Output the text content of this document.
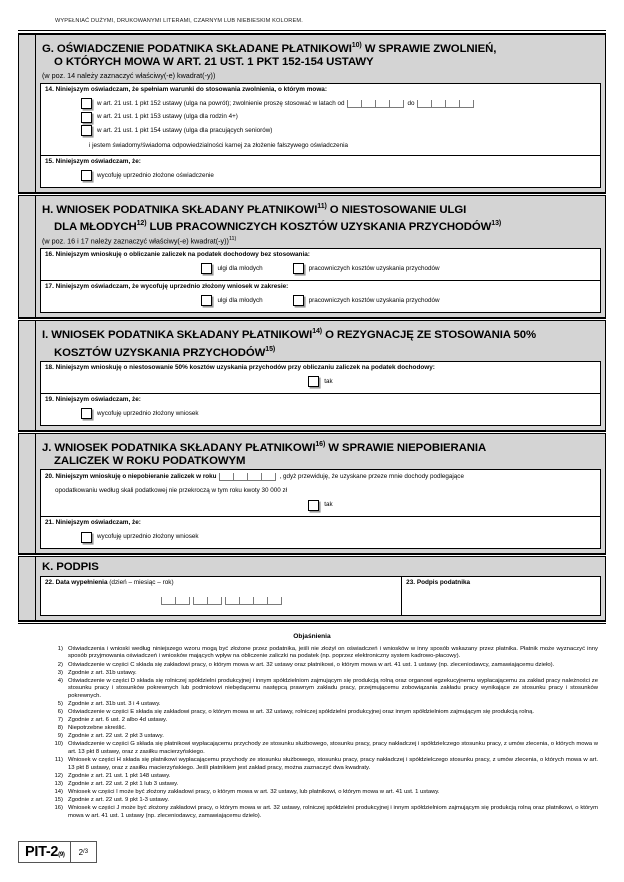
WYPEŁNIAĆ DUŻYMI, DRUKOWANYMI LITERAMI, CZARNYM LUB NIEBIESKIM KOLOREM.
G. OŚWIADCZENIE PODATNIKA SKŁADANE PŁATNIKOWI$^{10)}$ W SPRAWIE ZWOLNIEŃ,
O KTÓRYCH MOWA W ART. 21 UST. 1 PKT 152-154 USTAWY
(w poz. 14 należy zaznaczyć właściwy(-e) kwadrat(-y))
14. Niniejszym oświadczam, że spełniam warunki do stosowania zwolnienia, o którym mowa:
w art. 21 ust. 1 pkt 152 ustawy (ulga na powrót); zwolnienie proszę stosować w latach od	do
w art. 21 ust. 1 pkt 153 ustawy (ulga dla rodzin 4+)
w art. 21 ust. 1 pkt 154 ustawy (ulga dla pracujących seniorów)
i jestem świadomy/świadoma odpowiedzialności karnej za złożenie fałszywego oświadczenia
15. Niniejszym oświadczam, że:
wycofuję uprzednio złożone oświadczenie
H. WNIOSEK PODATNIKA SKŁADANY PŁATNIKOWI$^{11)}$ O NIESTOSOWANIE ULGI
DLA MŁODYCH$^{12)}$ LUB PRACOWNICZYCH KOSZTÓW UZYSKANIA PRZYCHODÓW$^{13)}$
(w poz. 16 i 17 należy zaznaczyć właściwy(-e) kwadrat(-y))$^{11)}$
16. Niniejszym wnioskuję o obliczanie zaliczek na podatek dochodowy bez stosowania:
ulgi dla młodych	pracowniczych kosztów uzyskania przychodów
17. Niniejszym oświadczam, że wycofuję uprzednio złożony wniosek w zakresie:
ulgi dla młodych	pracowniczych kosztów uzyskania przychodów
I. WNIOSEK PODATNIKA SKŁADANY PŁATNIKOWI$^{14)}$ O REZYGNACJĘ ZE STOSOWANIA 50%
KOSZTÓW UZYSKANIA PRZYCHODÓW$^{15)}$
18. Niniejszym wnioskuję o niestosowanie 50% kosztów uzyskania przychodów przy obliczaniu zaliczek na podatek dochodowy:
tak
19. Niniejszym oświadczam, że:
wycofuję uprzednio złożony wniosek
J. WNIOSEK PODATNIKA SKŁADANY PŁATNIKOWI$^{16)}$ W SPRAWIE NIEPOBIERANIA
ZALICZEK W ROKU PODATKOWYM
20. Niniejszym wnioskuję o niepobieranie zaliczek w roku	, gdyż przewiduję, że uzyskane przeze mnie dochody podlegające
opodatkowaniu według skali podatkowej nie przekroczą w tym roku kwoty 30 000 zł
tak
21. Niniejszym oświadczam, że:
wycofuję uprzednio złożony wniosek
K. PODPIS
22. Data wypełnienia (dzień – miesiąc – rok)	23. Podpis podatnika
Objaśnienia
1) Oświadczenia i wnioski według niniejszego wzoru mogą być złożone przez podatnika, jeśli nie złożył on oświadczeń i wniosków w inny sposób wskazany przez płatnika. Płatnik może wyznaczyć inny sposób przyjmowania oświadczeń i wniosków mających wpływ na obliczenie zaliczki na podatek (np. poprzez elektroniczny system kadrowo-płacowy).
2) Oświadczenie w części C składa się zakładowi pracy, o którym mowa w art. 32 ustawy oraz płatnikowi, o którym mowa w art. 41 ust. 1 ustawy (np. zleceniodawcy, zamawiającemu dzieło).
3) Zgodnie z art. 31b ustawy.
4) Oświadczenie w części D składa się rolniczej spółdzielni produkcyjnej i innym spółdzielniom zajmującym się produkcją rolną oraz organowi egzekucyjnemu wypłacającemu za zakład pracy należności ze stosunku pracy i stosunków pokrewnych lub podmiotowi niebędącemu następcą prawnym zakładu pracy, przejmującemu zobowiązania zakładu pracy wynikające ze stosunku pracy i stosunków pokrewnych.
5) Zgodnie z art. 31b ust. 3 i 4 ustawy.
6) Oświadczenie w części E składa się zakładowi pracy, o którym mowa w art. 32 ustawy, rolniczej spółdzielni produkcyjnej oraz innym spółdzielniom zajmującym się produkcją rolną.
7) Zgodnie z art. 6 ust. 2 albo 4d ustawy.
8) Niepotrzebne skreślić.
9) Zgodnie z art. 22 ust. 2 pkt 3 ustawy.
10) Oświadczenie w części G składa się płatnikowi wypłacającemu przychody ze stosunku służbowego, stosunku pracy, pracy nakładczej i spółdzielczego stosunku pracy, z umów zlecenia, o których mowa w art. 13 pkt 8 ustawy, oraz z zasiłku macierzyńskiego.
11) Wniosek w części H składa się płatnikowi wypłacającemu przychody ze stosunku służbowego, stosunku pracy, pracy nakładczej i spółdzielczego stosunku pracy, z umów zlecenia, o których mowa w art. 13 pkt 8 ustawy, oraz z zasiłku macierzyńskiego. Jeśli płatnikiem jest zakład pracy, można zaznaczyć dwa kwadraty.
12) Zgodnie z art. 21 ust. 1 pkt 148 ustawy.
13) Zgodnie z art. 22 ust. 2 pkt 1 lub 3 ustawy.
14) Wniosek w części I może być złożony zakładowi pracy, o którym mowa w art. 32 ustawy, lub płatnikowi, o którym mowa w art. 41 ust. 1 ustawy.
15) Zgodnie z art. 22 ust. 9 pkt 1-3 ustawy.
16) Wniosek w części J może być złożony zakładowi pracy, o którym mowa w art. 32 ustawy, rolniczej spółdzielni produkcyjnej i innym spółdzielniom zajmującym się produkcją rolną oraz płatnikowi, o którym mowa w art. 41 ust. 1 ustawy (np. zleceniodawcy, zamawiającemu dzieło).
PIT-$2_{(9)}$ 2 /3
